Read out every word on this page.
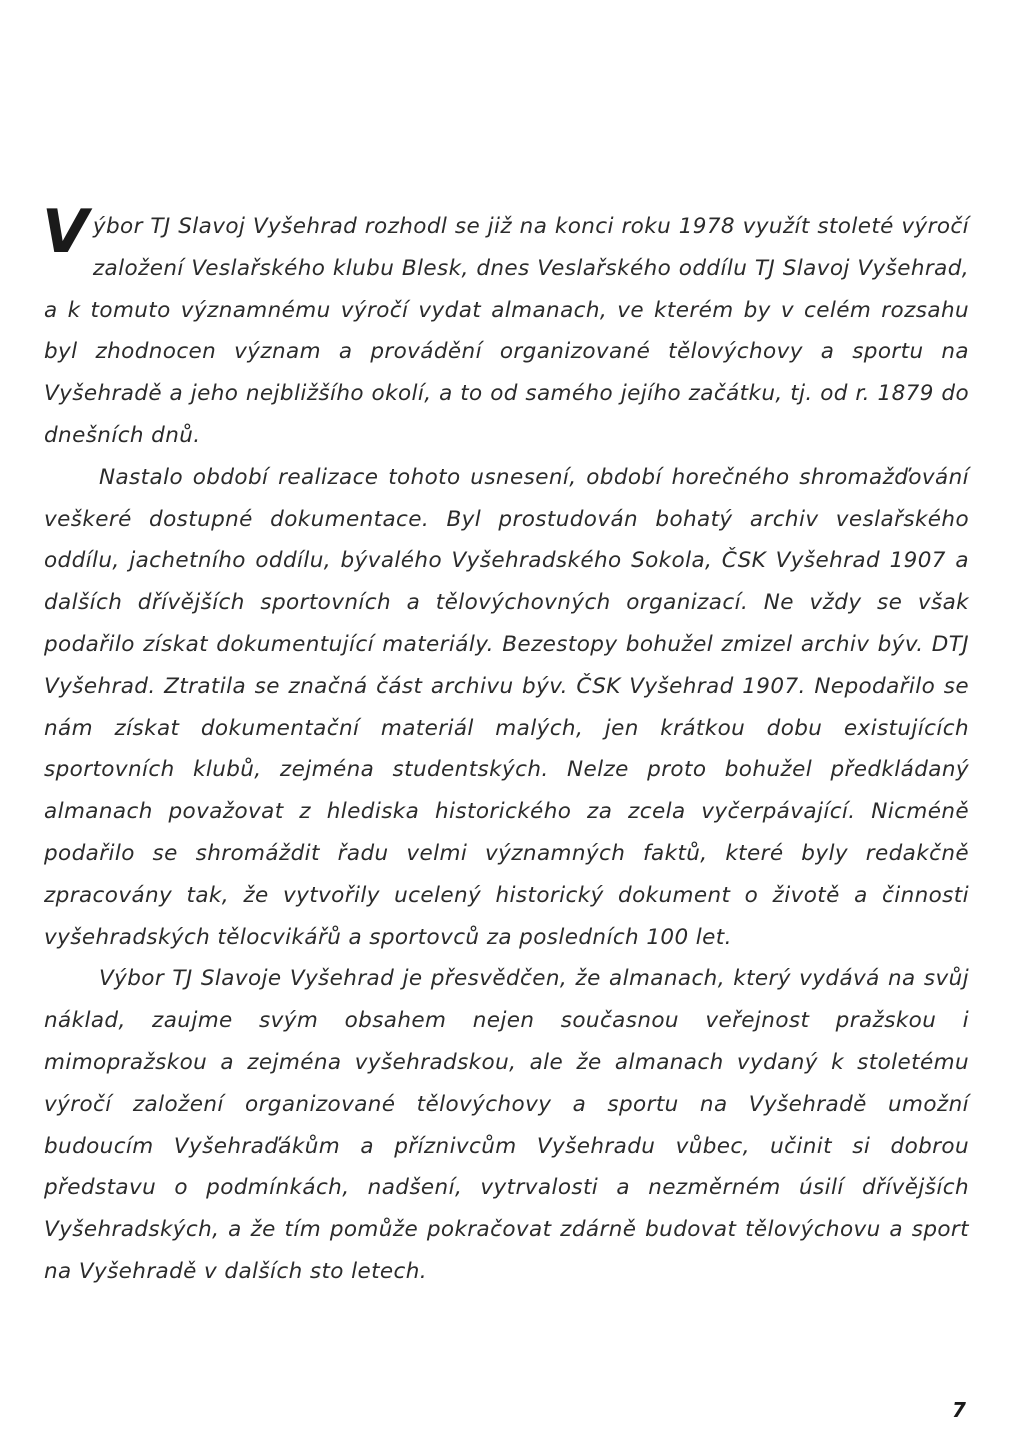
Výbor TJ Slavoj Vyšehrad rozhodl se již na konci roku 1978 využít stoleté výročí založení Veslařského klubu Blesk, dnes Veslařského oddílu TJ Slavoj Vyšehrad, a k tomuto významnému výročí vydat almanach, ve kterém by v celém rozsahu byl zhodnocen význam a provádění organizované tělovýchovy a sportu na Vyšehradě a jeho nejbližšího okolí, a to od samého jejího začátku, tj. od r. 1879 do dnešních dnů.

Nastalo období realizace tohoto usnesení, období horečného shromažďování veškeré dostupné dokumentace. Byl prostudován bohatý archiv veslařského oddílu, jachetního oddílu, bývalého Vyšehradského Sokola, ČSK Vyšehrad 1907 a dalších dřívějších sportovních a tělovýchovných organizací. Ne vždy se však podařilo získat dokumentující materiály. Bezestopy bohužel zmizel archiv býv. DTJ Vyšehrad. Ztratila se značná část archivu býv. ČSK Vyšehrad 1907. Nepodařilo se nám získat dokumentační materiál malých, jen krátkou dobu existujících sportovních klubů, zejména studentských. Nelze proto bohužel předkládaný almanach považovat z hlediska historického za zcela vyčerpávající. Nicméně podařilo se shromáždit řadu velmi významných faktů, které byly redakčně zpracovány tak, že vytvořily ucelený historický dokument o životě a činnosti vyšehradských tělocvikářů a sportovců za posledních 100 let.

Výbor TJ Slavoje Vyšehrad je přesvědčen, že almanach, který vydává na svůj náklad, zaujme svým obsahem nejen současnou veřejnost pražskou i mimopražskou a zejména vyšehradskou, ale že almanach vydaný k stoletému výročí založení organizované tělovýchovy a sportu na Vyšehradě umožní budoucím Vyšehraďákům a příznivcům Vyšehradu vůbec, učinit si dobrou představu o podmínkách, nadšení, vytrvalosti a nezměrném úsilí dřívějších Vyšehradských, a že tím pomůže pokračovat zdárně budovat tělovýchovu a sport na Vyšehradě v dalších sto letech.

7
